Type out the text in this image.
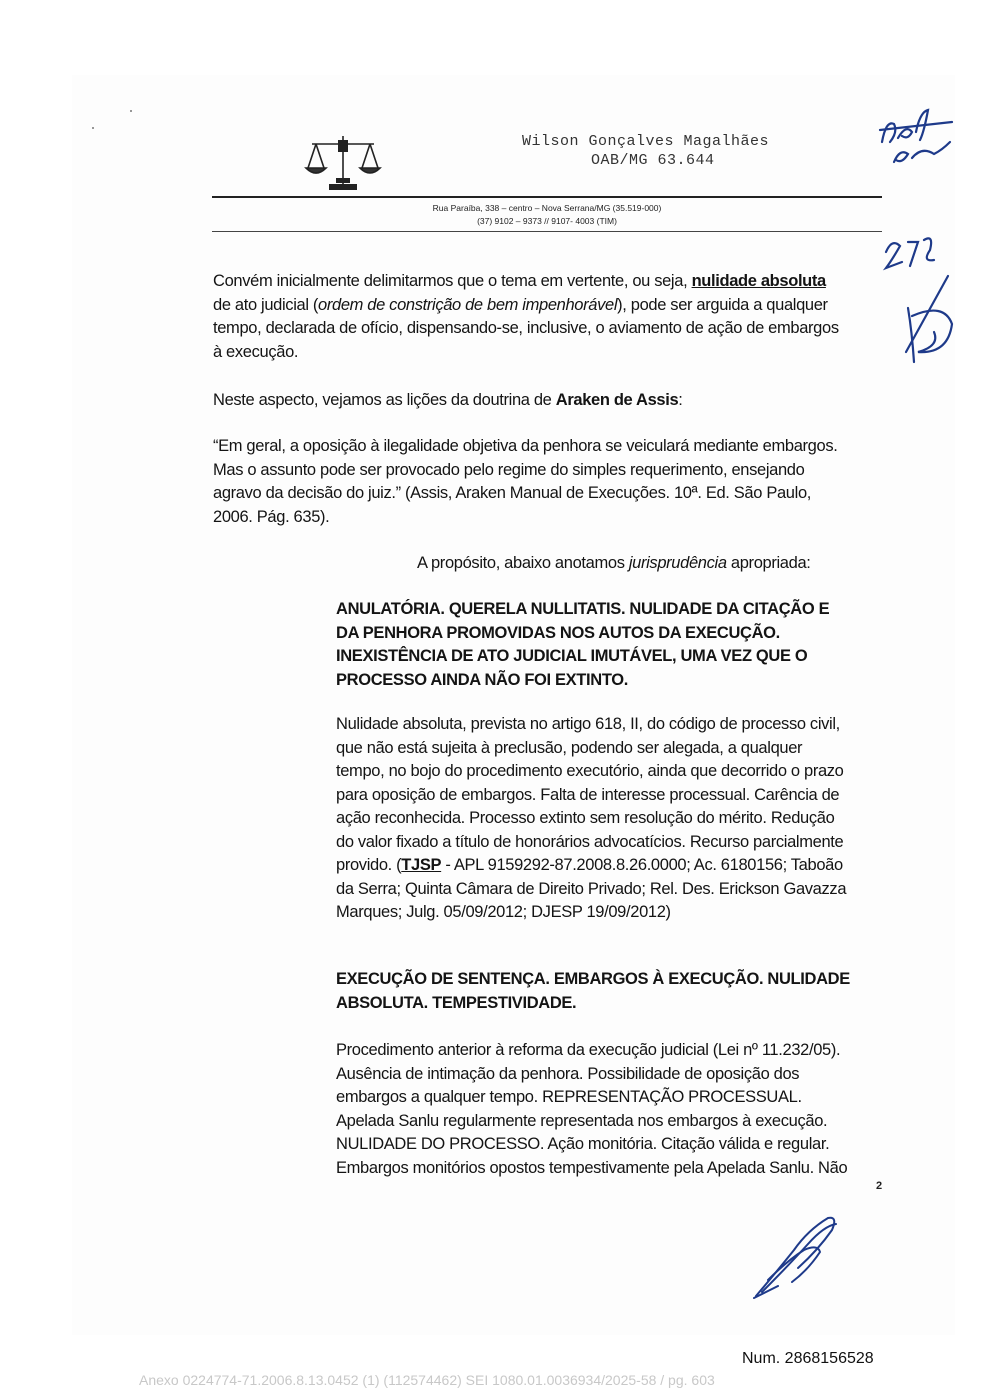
Wilson Gonçalves Magalhães
OAB/MG 63.644
Rua Paraíba, 338 – centro – Nova Serrana/MG (35.519-000)
(37) 9102 – 9373 // 9107- 4003 (TIM)
Convém inicialmente delimitarmos que o tema em vertente, ou seja, nulidade absoluta
de ato judicial (ordem de constrição de bem impenhorável), pode ser arguida a qualquer
tempo, declarada de ofício, dispensando-se, inclusive, o aviamento de ação de embargos
à execução.
Neste aspecto, vejamos as lições da doutrina de Araken de Assis:
“Em geral, a oposição à ilegalidade objetiva da penhora se veiculará mediante embargos.
Mas o assunto pode ser provocado pelo regime do simples requerimento, ensejando
agravo da decisão do juiz.” (Assis, Araken Manual de Execuções. 10ª. Ed. São Paulo,
2006. Pág. 635).
A propósito, abaixo anotamos jurisprudência apropriada:
ANULATÓRIA. QUERELA NULLITATIS. NULIDADE DA CITAÇÃO E
DA PENHORA PROMOVIDAS NOS AUTOS DA EXECUÇÃO.
INEXISTÊNCIA DE ATO JUDICIAL IMUTÁVEL, UMA VEZ QUE O
PROCESSO AINDA NÃO FOI EXTINTO.
Nulidade absoluta, prevista no artigo 618, II, do código de processo civil,
que não está sujeita à preclusão, podendo ser alegada, a qualquer
tempo, no bojo do procedimento executório, ainda que decorrido o prazo
para oposição de embargos. Falta de interesse processual. Carência de
ação reconhecida. Processo extinto sem resolução do mérito. Redução
do valor fixado a título de honorários advocatícios. Recurso parcialmente
provido. (TJSP - APL 9159292-87.2008.8.26.0000; Ac. 6180156; Taboão
da Serra; Quinta Câmara de Direito Privado; Rel. Des. Erickson Gavazza
Marques; Julg. 05/09/2012; DJESP 19/09/2012)
EXECUÇÃO DE SENTENÇA. EMBARGOS À EXECUÇÃO. NULIDADE
ABSOLUTA. TEMPESTIVIDADE.
Procedimento anterior à reforma da execução judicial (Lei nº 11.232/05).
Ausência de intimação da penhora. Possibilidade de oposição dos
embargos a qualquer tempo. REPRESENTAÇÃO PROCESSUAL.
Apelada Sanlu regularmente representada nos embargos à execução.
NULIDADE DO PROCESSO. Ação monitória. Citação válida e regular.
Embargos monitórios opostos tempestivamente pela Apelada Sanlu. Não
2
Num. 2868156528
Anexo 0224774-71.2006.8.13.0452 (1) (112574462) SEI 1080.01.0036934/2025-58 / pg. 603
